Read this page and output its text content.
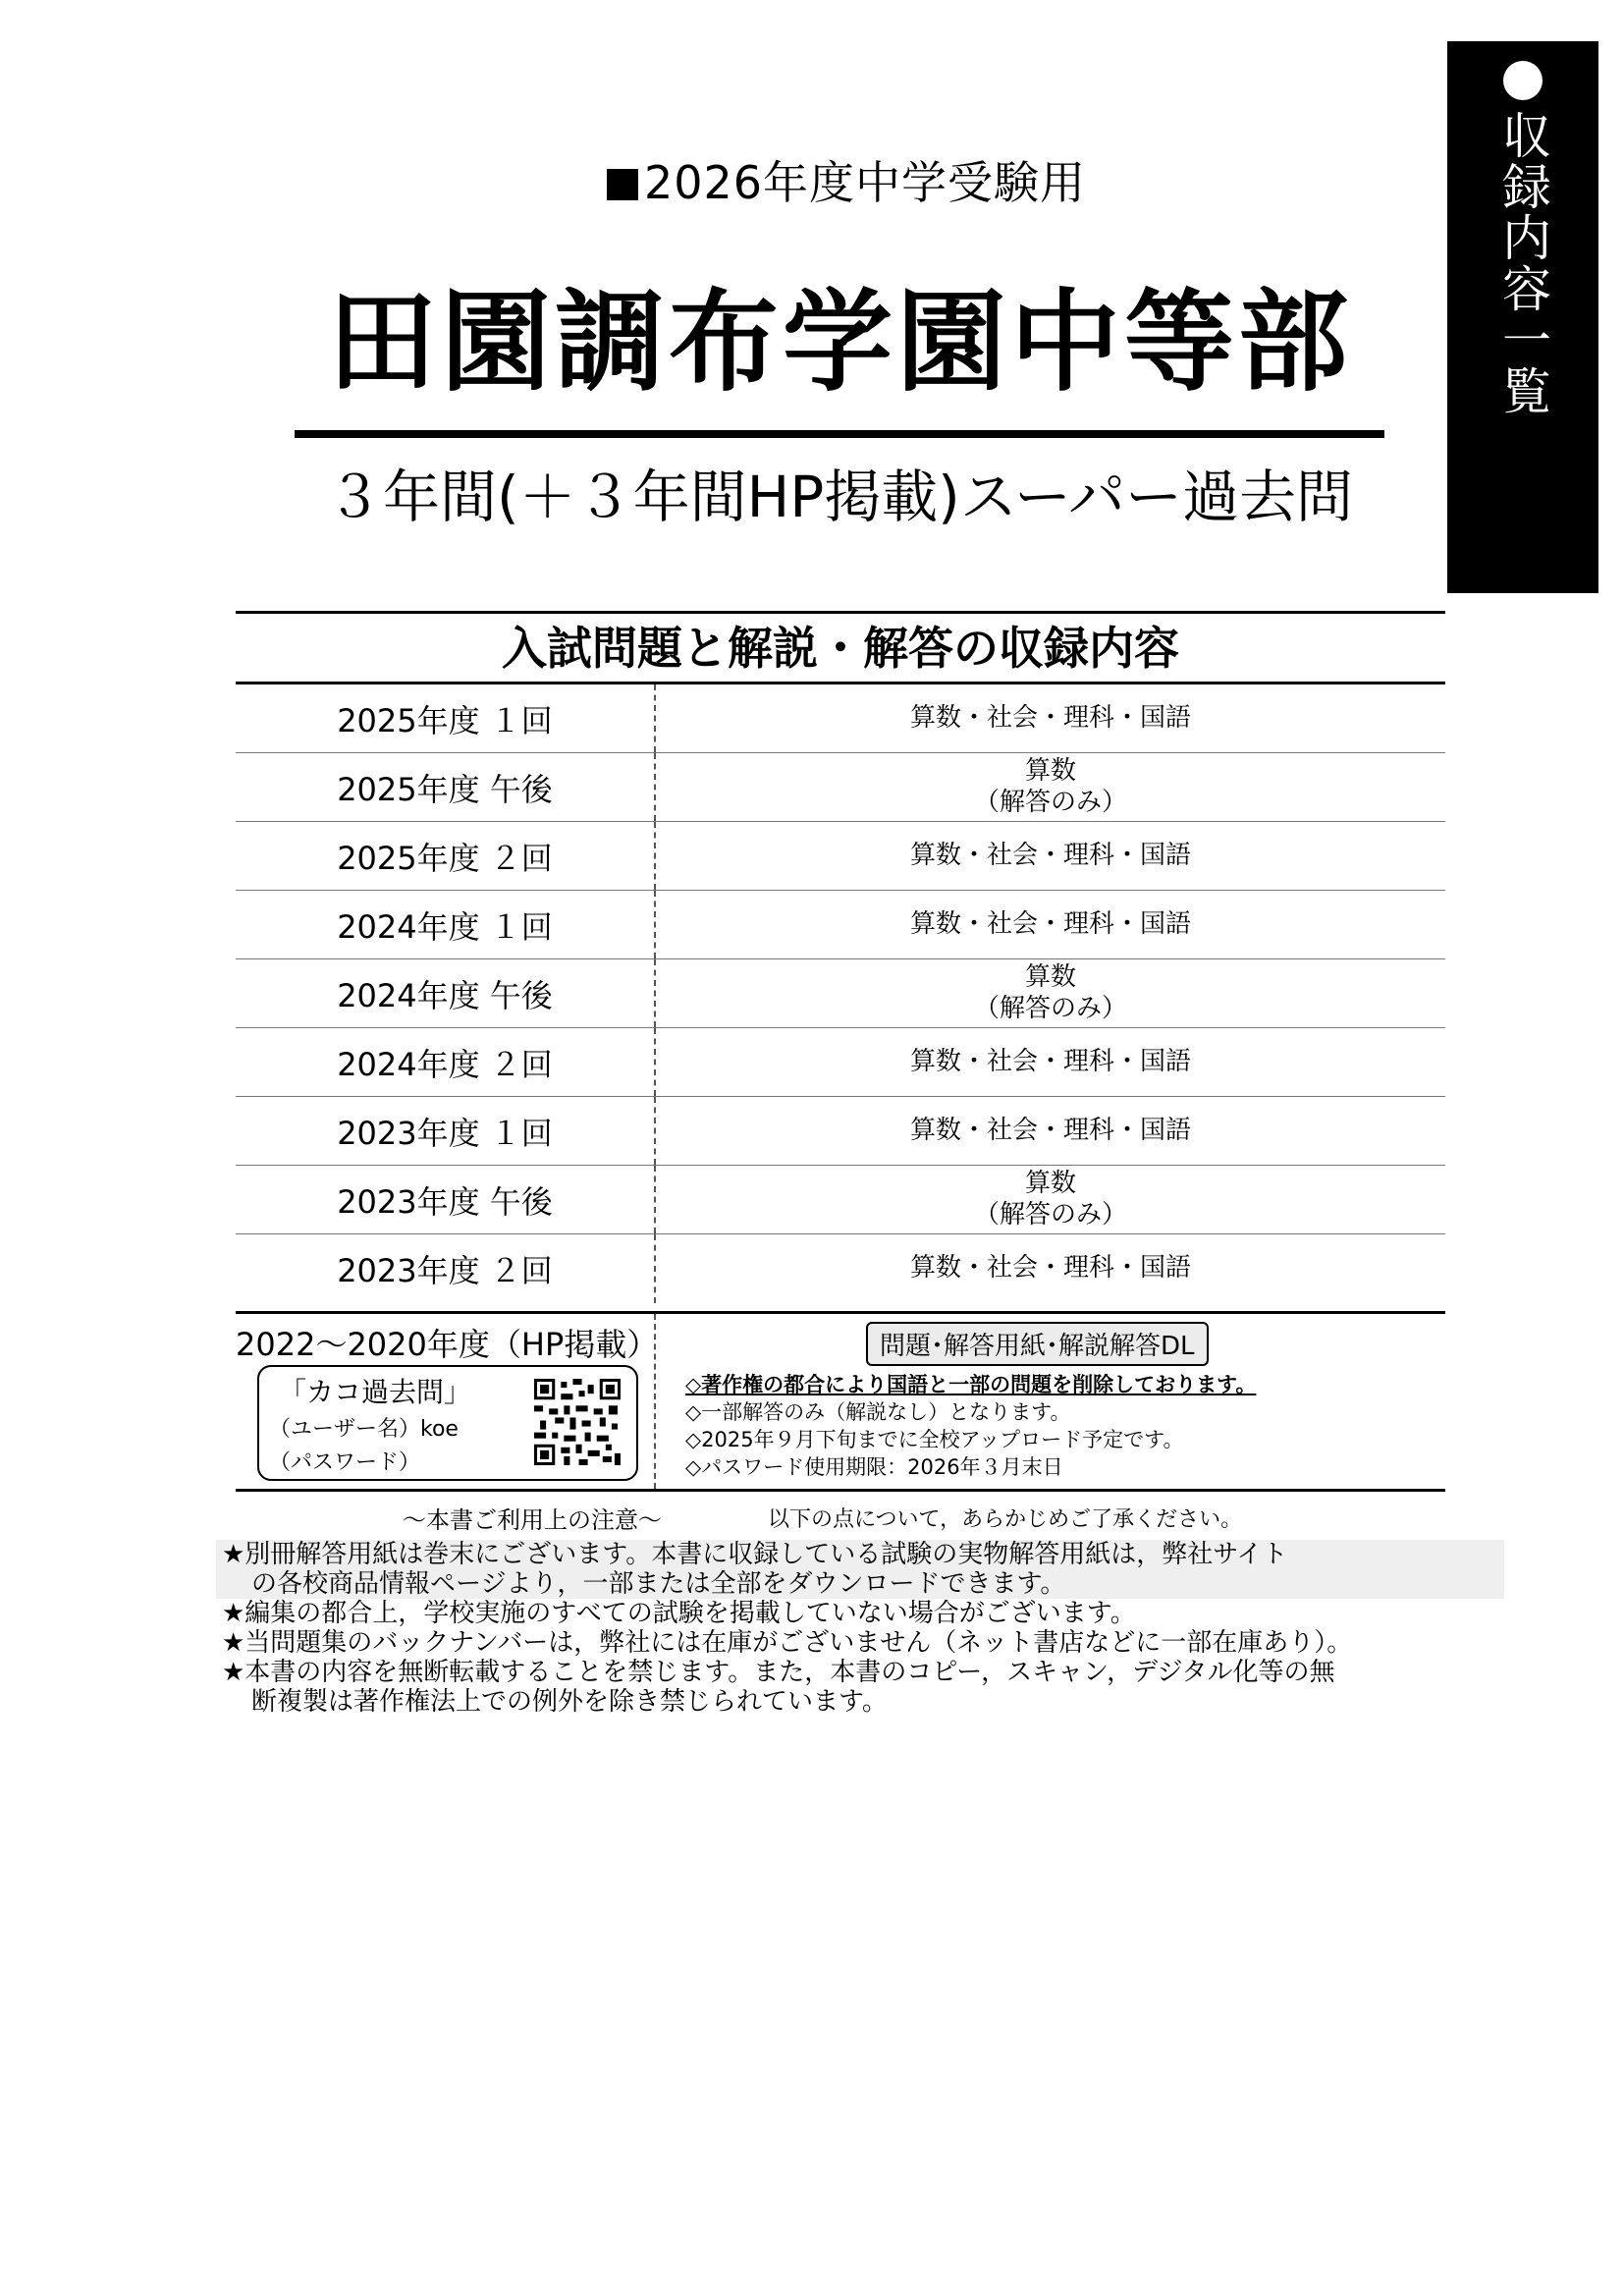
収録内容一覧
2026年度中学受験用
田園調布学園中等部
３年間(＋３年間HP掲載)スーパー過去問
入試問題と解説・解答の収録内容
2025年度 １回	算数・社会・理科・国語
2025年度 午後	算数
（解答のみ）
2025年度 ２回	算数・社会・理科・国語
2024年度 １回	算数・社会・理科・国語
2024年度 午後	算数
（解答のみ）
2024年度 ２回	算数・社会・理科・国語
2023年度 １回	算数・社会・理科・国語
2023年度 午後	算数
（解答のみ）
2023年度 ２回	算数・社会・理科・国語
2022～2020年度（HP掲載）
「カコ過去問」
（ユーザー名）koe
（パスワード）
問題･解答用紙･解説解答DL
◇著作権の都合により国語と一部の問題を削除しております。
◇一部解答のみ（解説なし）となります。
◇2025年９月下旬までに全校アップロード予定です。
◇パスワード使用期限：2026年３月末日
～本書ご利用上の注意～	以下の点について，あらかじめご了承ください。
★別冊解答用紙は巻末にございます。本書に収録している試験の実物解答用紙は，弊社サイト
の各校商品情報ページより，一部または全部をダウンロードできます。
★編集の都合上，学校実施のすべての試験を掲載していない場合がございます。
★当問題集のバックナンバーは，弊社には在庫がございません（ネット書店などに一部在庫あり）。
★本書の内容を無断転載することを禁じます。また，本書のコピー，スキャン，デジタル化等の無
断複製は著作権法上での例外を除き禁じられています。
